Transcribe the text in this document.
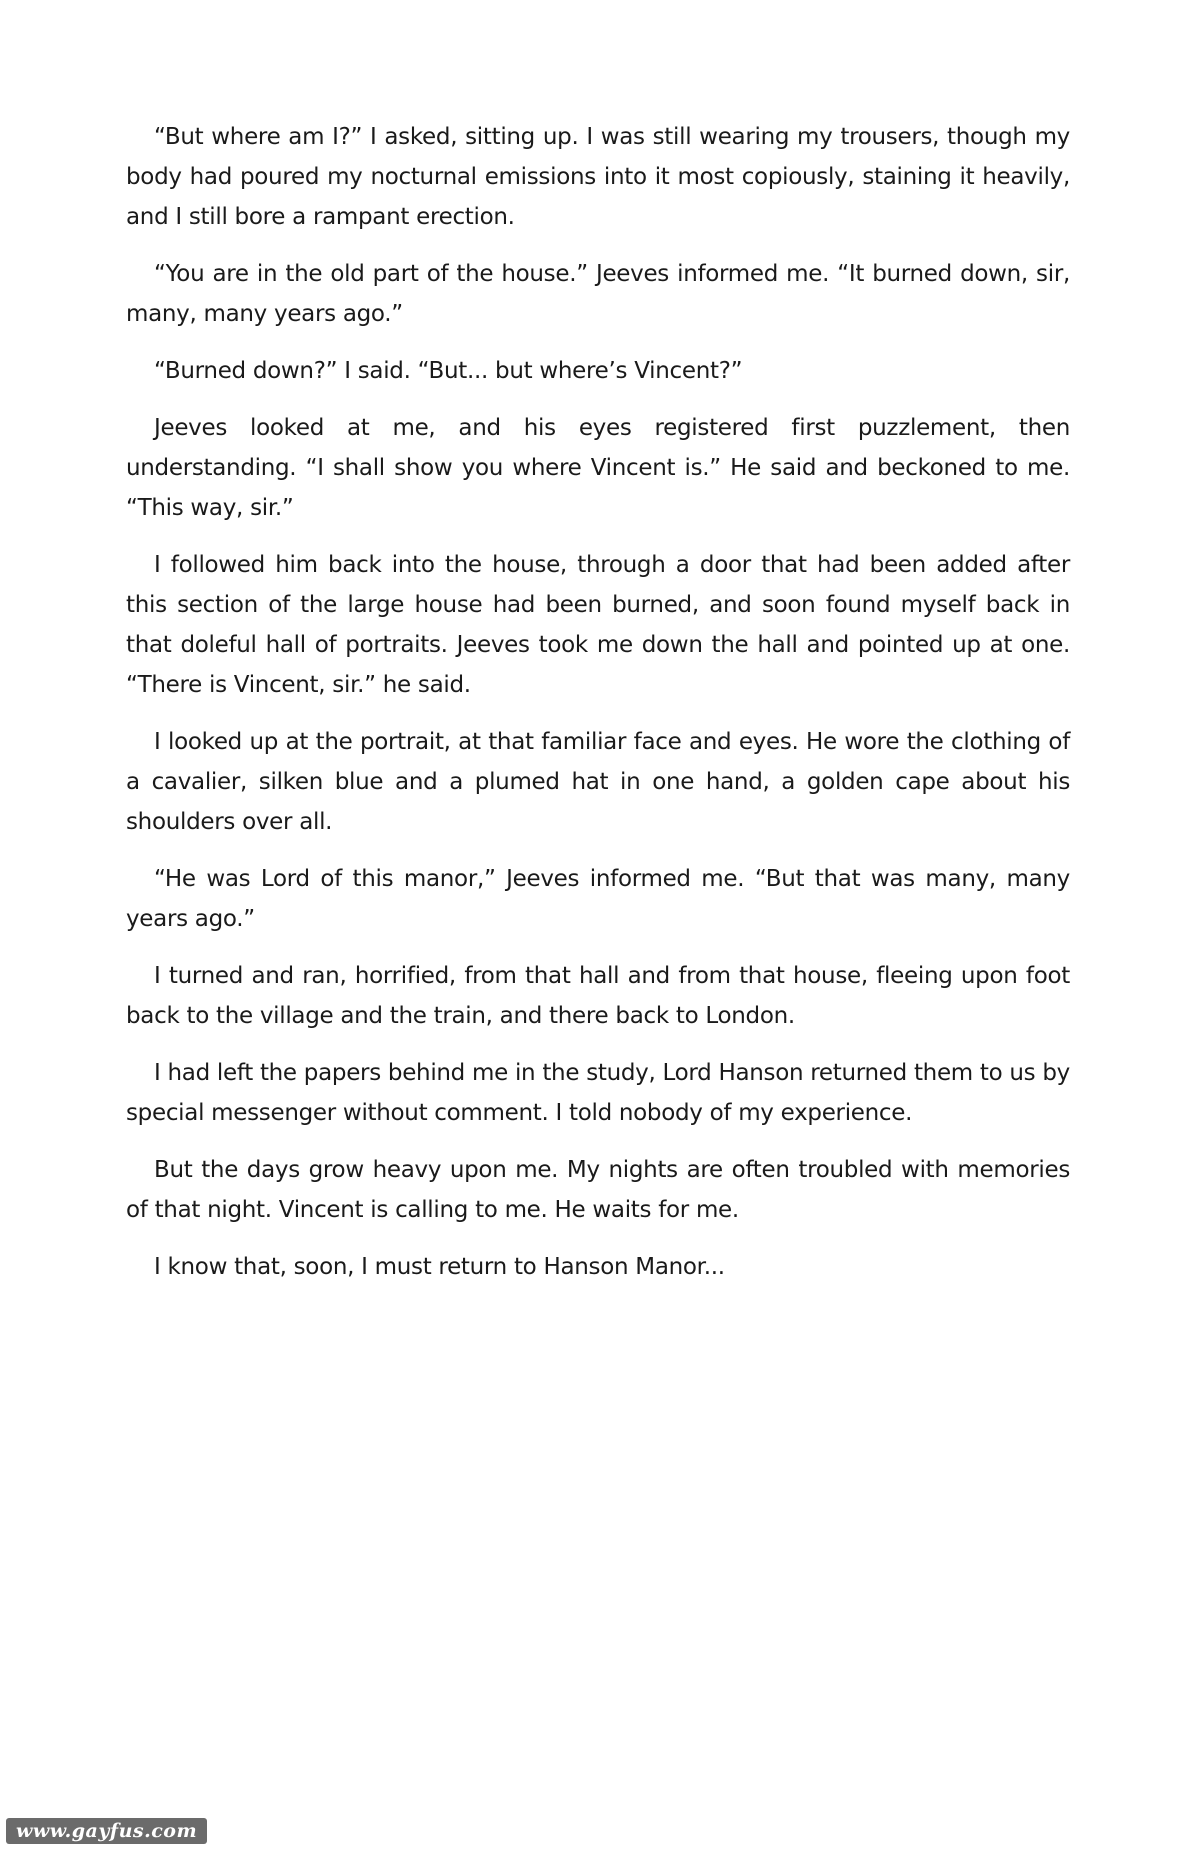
“But where am I?” I asked, sitting up. I was still wearing my trousers, though my body had poured my nocturnal emissions into it most copiously, staining it heavily, and I still bore a rampant erection.

“You are in the old part of the house.” Jeeves informed me. “It burned down, sir, many, many years ago.”

“Burned down?” I said. “But... but where’s Vincent?”

Jeeves looked at me, and his eyes registered first puzzlement, then understanding. “I shall show you where Vincent is.” He said and beckoned to me. “This way, sir.”

I followed him back into the house, through a door that had been added after this section of the large house had been burned, and soon found myself back in that doleful hall of portraits. Jeeves took me down the hall and pointed up at one. “There is Vincent, sir.” he said.

I looked up at the portrait, at that familiar face and eyes. He wore the clothing of a cavalier, silken blue and a plumed hat in one hand, a golden cape about his shoulders over all.

“He was Lord of this manor,” Jeeves informed me. “But that was many, many years ago.”

I turned and ran, horrified, from that hall and from that house, fleeing upon foot back to the village and the train, and there back to London.

I had left the papers behind me in the study, Lord Hanson returned them to us by special messenger without comment. I told nobody of my experience.

But the days grow heavy upon me. My nights are often troubled with memories of that night. Vincent is calling to me. He waits for me.

I know that, soon, I must return to Hanson Manor...

www.gayfus.com
